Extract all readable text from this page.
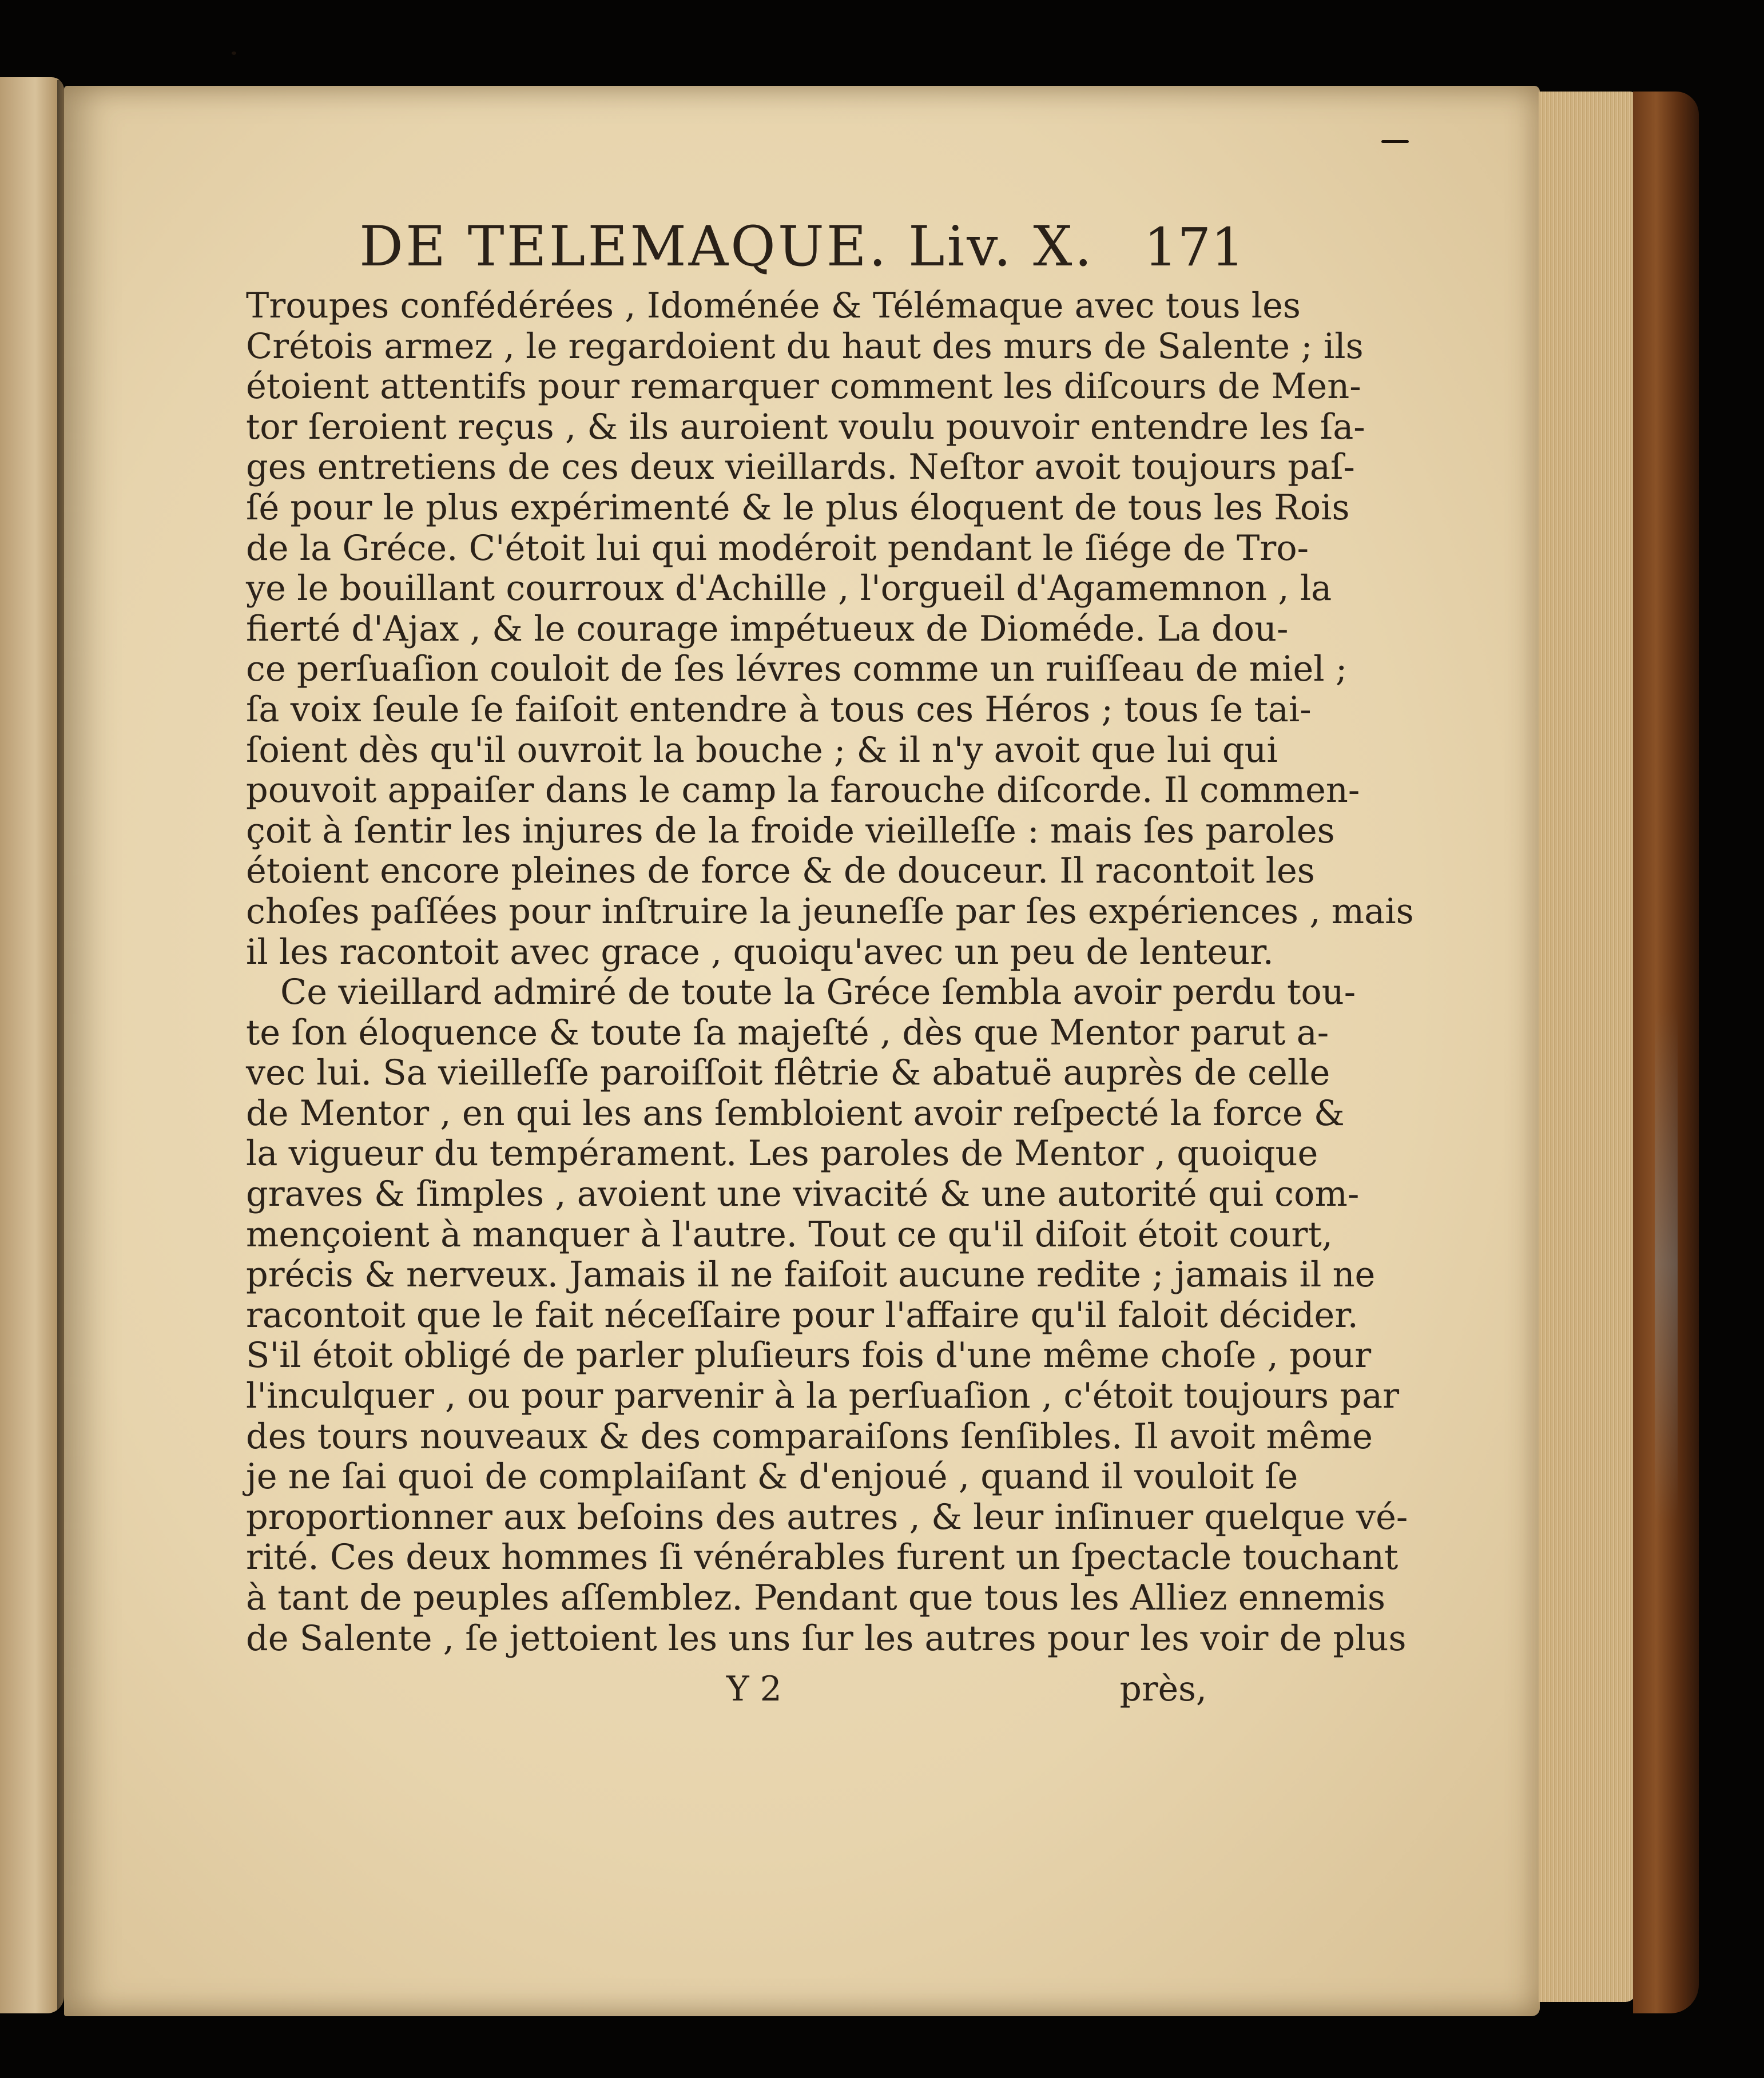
DE TELEMAQUE. Liv. X. 171
Troupes confédérées , Idoménée & Télémaque avec tous les
Crétois armez , le regardoient du haut des murs de Salente ; ils
étoient attentifs pour remarquer comment les diſcours de Men-
tor ſeroient reçus , & ils auroient voulu pouvoir entendre les ſa-
ges entretiens de ces deux vieillards. Neſtor avoit toujours paſ-
ſé pour le plus expérimenté & le plus éloquent de tous les Rois
de la Gréce. C'étoit lui qui modéroit pendant le ſiége de Tro-
ye le bouillant courroux d'Achille , l'orgueil d'Agamemnon , la
fierté d'Ajax , & le courage impétueux de Dioméde. La dou-
ce perſuaſion couloit de ſes lévres comme un ruiſſeau de miel ;
ſa voix ſeule ſe faiſoit entendre à tous ces Héros ; tous ſe tai-
ſoient dès qu'il ouvroit la bouche ; & il n'y avoit que lui qui
pouvoit appaiſer dans le camp la farouche diſcorde. Il commen-
çoit à ſentir les injures de la froide vieilleſſe : mais ſes paroles
étoient encore pleines de force & de douceur. Il racontoit les
choſes paſſées pour inſtruire la jeuneſſe par ſes expériences , mais
il les racontoit avec grace , quoiqu'avec un peu de lenteur.
Ce vieillard admiré de toute la Gréce ſembla avoir perdu tou-
te ſon éloquence & toute ſa majeſté , dès que Mentor parut a-
vec lui. Sa vieilleſſe paroiſſoit flêtrie & abatuë auprès de celle
de Mentor , en qui les ans ſembloient avoir reſpecté la force &
la vigueur du tempérament. Les paroles de Mentor , quoique
graves & ſimples , avoient une vivacité & une autorité qui com-
mençoient à manquer à l'autre. Tout ce qu'il diſoit étoit court,
précis & nerveux. Jamais il ne faiſoit aucune redite ; jamais il ne
racontoit que le fait néceſſaire pour l'affaire qu'il faloit décider.
S'il étoit obligé de parler pluſieurs fois d'une même choſe , pour
l'inculquer , ou pour parvenir à la perſuaſion , c'étoit toujours par
des tours nouveaux & des comparaiſons ſenſibles. Il avoit même
je ne ſai quoi de complaiſant & d'enjoué , quand il vouloit ſe
proportionner aux beſoins des autres , & leur inſinuer quelque vé-
rité. Ces deux hommes ſi vénérables furent un ſpectacle touchant
à tant de peuples aſſemblez. Pendant que tous les Alliez ennemis
de Salente , ſe jettoient les uns ſur les autres pour les voir de plus
Y 2	près,
